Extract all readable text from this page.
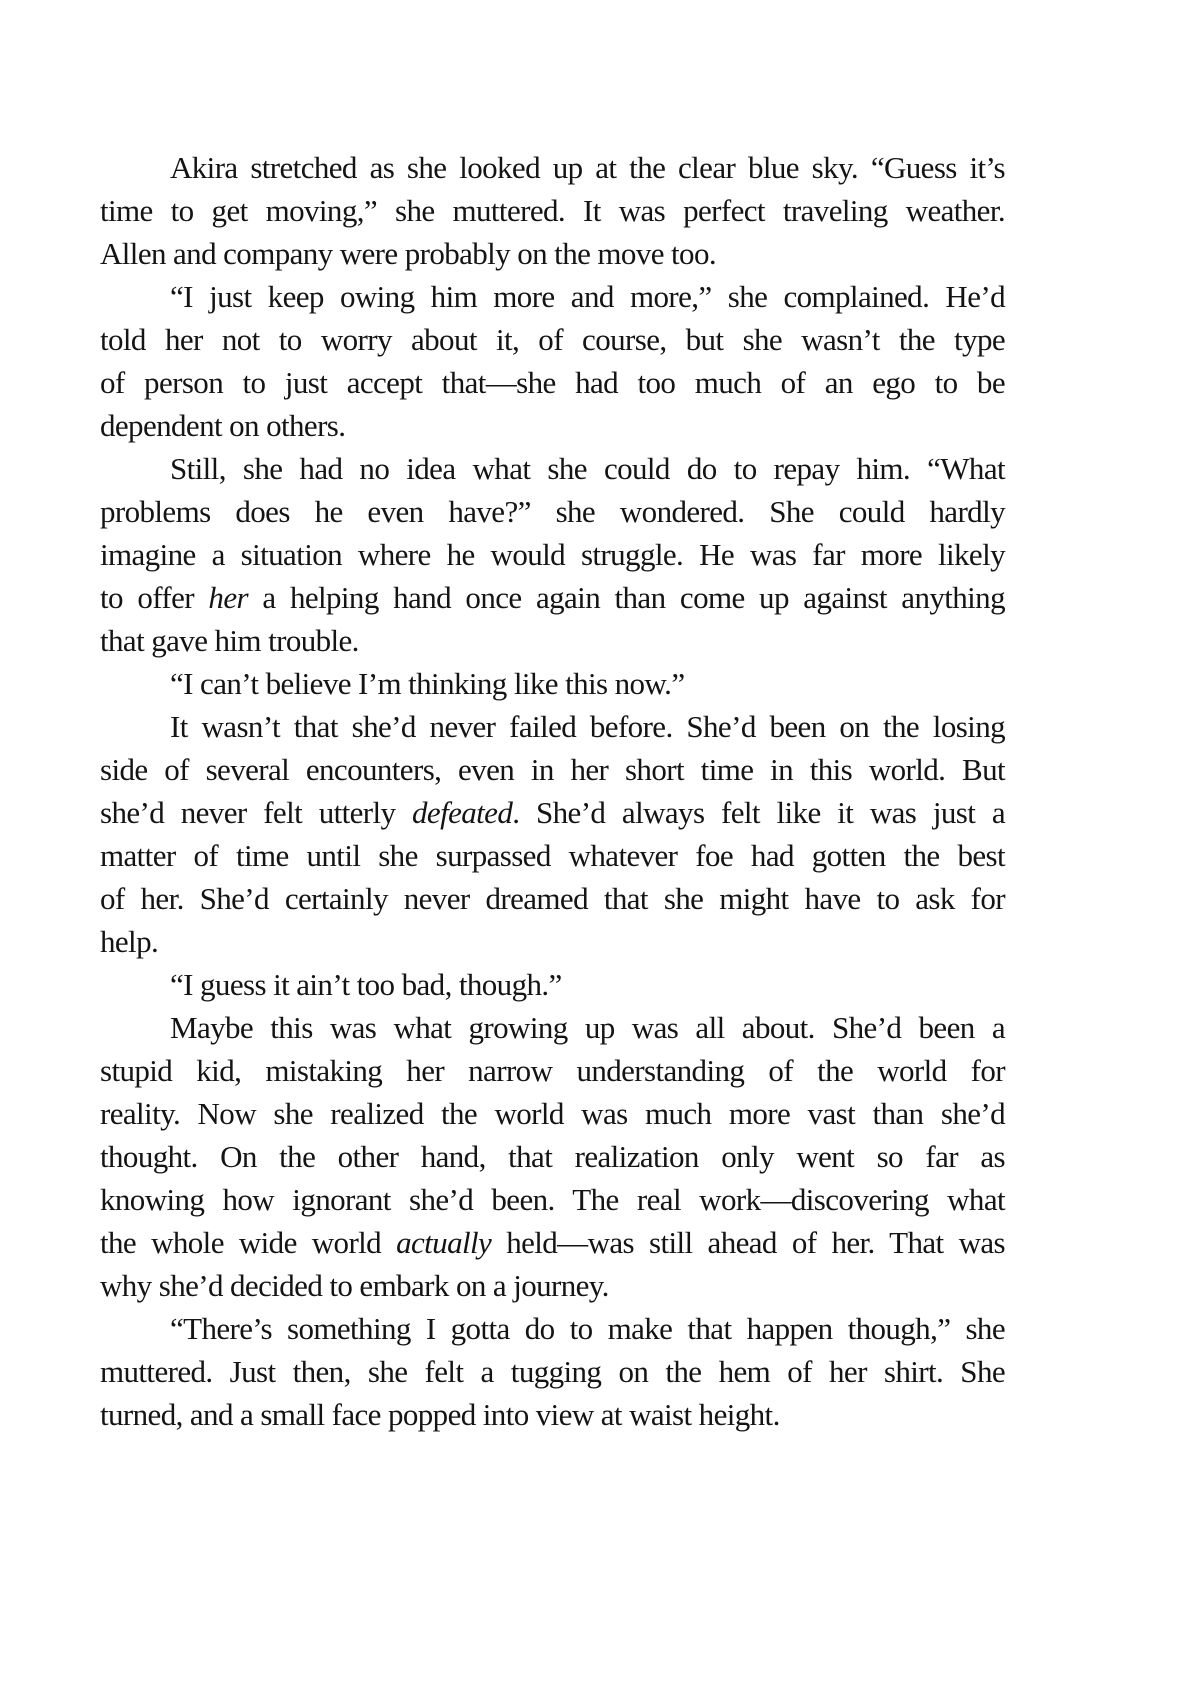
Akira stretched as she looked up at the clear blue sky. “Guess it’s
time to get moving,” she muttered. It was perfect traveling weather.
Allen and company were probably on the move too.
“I just keep owing him more and more,” she complained. He’d
told her not to worry about it, of course, but she wasn’t the type
of person to just accept that—she had too much of an ego to be
dependent on others.
Still, she had no idea what she could do to repay him. “What
problems does he even have?” she wondered. She could hardly
imagine a situation where he would struggle. He was far more likely
to offer her a helping hand once again than come up against anything
that gave him trouble.
“I can’t believe I’m thinking like this now.”
It wasn’t that she’d never failed before. She’d been on the losing
side of several encounters, even in her short time in this world. But
she’d never felt utterly defeated. She’d always felt like it was just a
matter of time until she surpassed whatever foe had gotten the best
of her. She’d certainly never dreamed that she might have to ask for
help.
“I guess it ain’t too bad, though.”
Maybe this was what growing up was all about. She’d been a
stupid kid, mistaking her narrow understanding of the world for
reality. Now she realized the world was much more vast than she’d
thought. On the other hand, that realization only went so far as
knowing how ignorant she’d been. The real work—discovering what
the whole wide world actually held—was still ahead of her. That was
why she’d decided to embark on a journey.
“There’s something I gotta do to make that happen though,” she
muttered. Just then, she felt a tugging on the hem of her shirt. She
turned, and a small face popped into view at waist height.
